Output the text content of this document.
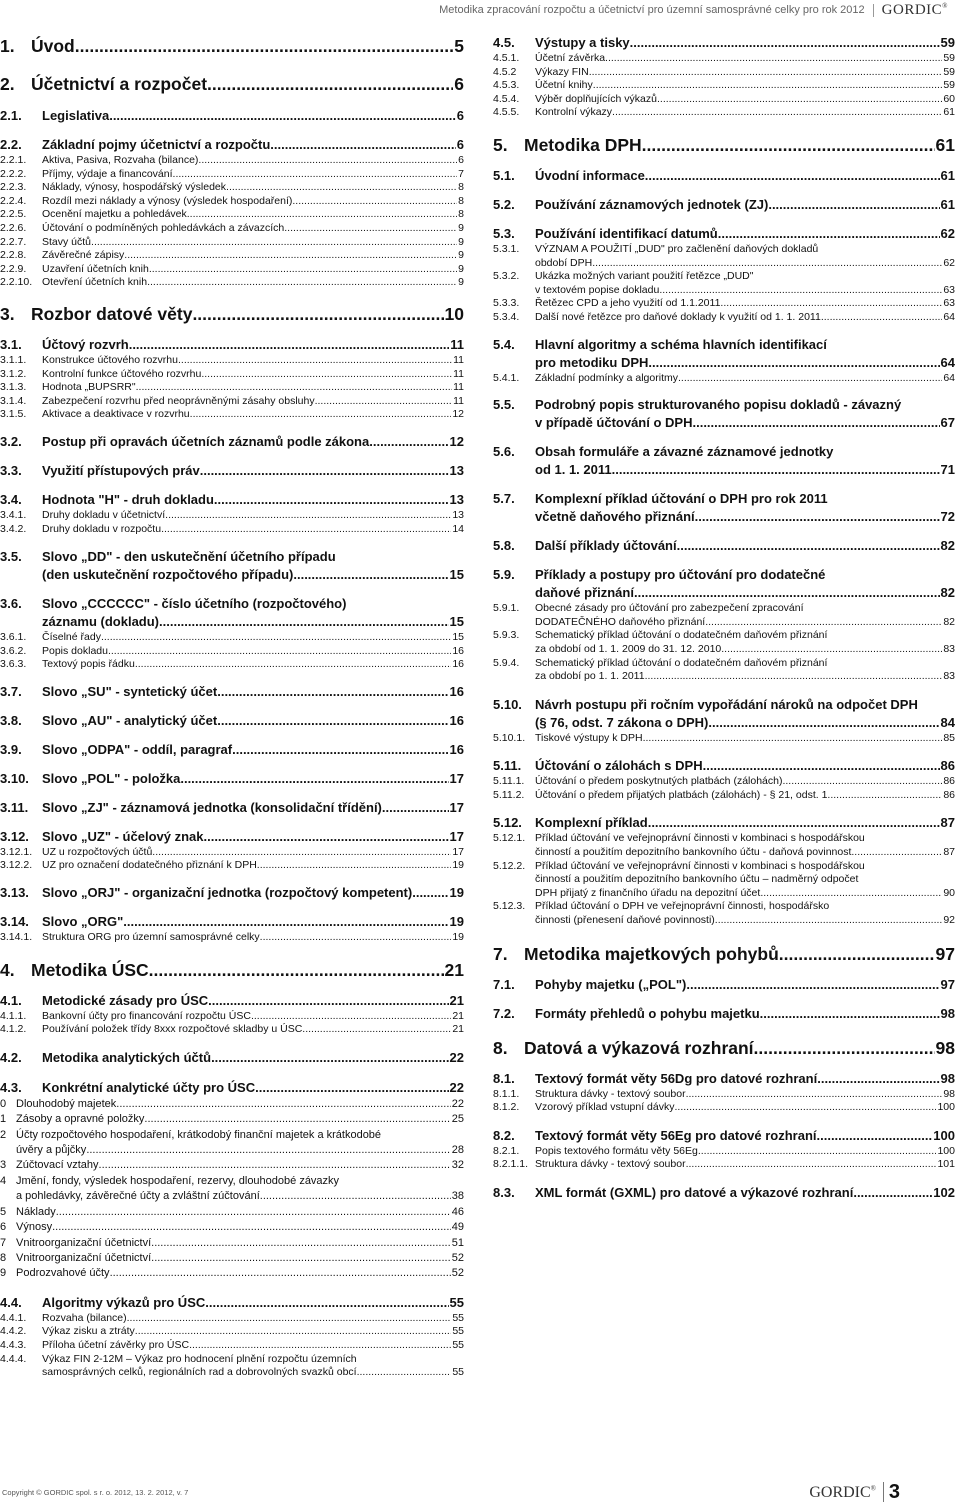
Metodika zpracování rozpočtu a účetnictví pro územní samosprávné celky pro rok 2012 GORDIC®
1. Úvod .....	5
2. Účetnictví a rozpočet .....	6
2.1.	Legislativa .....	6
2.2.	Základní pojmy účetnictví a rozpočtu .....	6
2.2.1.	Aktiva, Pasiva, Rozvaha (bilance) .....	6
2.2.2.	Příjmy, výdaje a financování .....	7
2.2.3.	Náklady, výnosy, hospodářský výsledek .....	8
2.2.4.	Rozdíl mezi náklady a výnosy (výsledek hospodaření) .....	8
2.2.5.	Ocenění majetku a pohledávek .....	8
2.2.6.	Účtování o podmíněných pohledávkách a závazcích .....	9
2.2.7.	Stavy účtů .....	9
2.2.8.	Závěrečné zápisy .....	9
2.2.9.	Uzavření účetních knih .....	9
2.2.10. Otevření účetních knih .....	9
3. Rozbor datové věty .....	10
3.1.	Účtový rozvrh .....	11
3.1.1.	Konstrukce účtového rozvrhu .....	11
3.1.2.	Kontrolní funkce účtového rozvrhu .....	11
3.1.3.	Hodnota „BUPSRR" .....	11
3.1.4.	Zabezpečení rozvrhu před neoprávněnými zásahy obsluhy .....	11
3.1.5.	Aktivace a deaktivace v rozvrhu .....	12
3.2.	Postup při opravách účetních záznamů podle zákona .....	12
3.3.	Využití přístupových práv .....	13
3.4.	Hodnota "H" - druh dokladu .....	13
3.4.1.	Druhy dokladu v účetnictví .....	13
3.4.2.	Druhy dokladu v rozpočtu .....	14
3.5.	Slovo „DD" - den uskutečnění účetního případu
(den uskutečnění rozpočtového případu) .....	15
3.6.	Slovo „CCCCCC" - číslo účetního (rozpočtového)
záznamu (dokladu) .....	15
3.6.1.	Číselné řady .....	15
3.6.2.	Popis dokladu .....	16
3.6.3.	Textový popis řádku .....	16
3.7.	Slovo „SU" - syntetický účet .....	16
3.8.	Slovo „AU" - analytický účet .....	16
3.9.	Slovo „ODPA" - oddíl, paragraf .....	16
3.10.	Slovo „POL" - položka .....	17
3.11.	Slovo „ZJ" - záznamová jednotka (konsolidační třídění) .....	17
3.12.	Slovo „UZ" - účelový znak .....	17
3.12.1. UZ u rozpočtových účtů .....	17
3.12.2. UZ pro označení dodatečného přiznání k DPH .....	19
3.13.	Slovo „ORJ" - organizační jednotka (rozpočtový kompetent) .....	19
3.14.	Slovo „ORG" .....	19
3.14.1. Struktura ORG pro územní samosprávné celky .....	19
4. Metodika ÚSC .....	21
4.1.	Metodické zásady pro ÚSC .....	21
4.1.1.	Bankovní účty pro financování rozpočtu ÚSC .....	21
4.1.2.	Používání položek třídy 8xxx rozpočtové skladby u ÚSC .....	21
4.2.	Metodika analytických účtů .....	22
4.3.	Konkrétní analytické účty pro ÚSC .....	22
0 Dlouhodobý majetek .....	22
1 Zásoby a opravné položky .....	25
2 Účty rozpočtového hospodaření, krátkodobý finanční majetek a krátkodobé
úvěry a půjčky .....	28
3 Zúčtovací vztahy .....	32
4 Jmění, fondy, výsledek hospodaření, rezervy, dlouhodobé závazky
a pohledávky, závěrečné účty a zvláštní zúčtování .....	38
5 Náklady .....	46
6 Výnosy .....	49
7 Vnitroorganizační účetnictví .....	51
8 Vnitroorganizační účetnictví .....	52
9 Podrozvahové účty .....	52
4.4.	Algoritmy výkazů pro ÚSC .....	55
4.4.1.	Rozvaha (bilance) .....	55
4.4.2.	Výkaz zisku a ztráty .....	55
4.4.3.	Příloha účetní závěrky pro ÚSC .....	55
4.4.4.	Výkaz FIN 2-12M – Výkaz pro hodnocení plnění rozpočtu územních
samosprávných celků, regionálních rad a dobrovolných svazků obcí .....	55
4.5.	Výstupy a tisky .....	59
4.5.1.	Účetní závěrka .....	59
4.5.2	Výkazy FIN .....	59
4.5.3.	Účetní knihy .....	59
4.5.4.	Výběr doplňujících výkazů .....	60
4.5.5.	Kontrolní výkazy .....	61
5. Metodika DPH .....	61
5.1.	Úvodní informace .....	61
5.2.	Používání záznamových jednotek (ZJ) .....	61
5.3.	Používání identifikací datumů .....	62
5.3.1.	VÝZNAM A POUŽITÍ „DUD" pro začlenění daňových dokladů
období DPH .....	62
5.3.2.	Ukázka možných variant použití řetězce „DUD"
v textovém popise dokladu .....	63
5.3.3.	Řetězec CPD a jeho využití od 1.1.2011 .....	63
5.3.4.	Další nové řetězce pro daňové doklady k využití od 1. 1. 2011 .....	64
5.4.	Hlavní algoritmy a schéma hlavních identifikací
pro metodiku DPH .....	64
5.4.1.	Základní podmínky a algoritmy .....	64
5.5.	Podrobný popis strukturovaného popisu dokladů - závazný
v případě účtování o DPH .....	67
5.6.	Obsah formuláře a závazné záznamové jednotky
od 1. 1. 2011 .....	71
5.7.	Komplexní příklad účtování o DPH pro rok 2011
včetně daňového přiznání .....	72
5.8.	Další příklady účtování .....	82
5.9.	Příklady a postupy pro účtování pro dodatečné
daňové přiznání .....	82
5.9.1.	Obecné zásady pro účtování pro zabezpečení zpracování
DODATEČNÉHO daňového přiznání .....	82
5.9.3.	Schematický příklad účtování o dodatečném daňovém přiznání
za období od 1. 1. 2009 do 31. 12. 2010 .....	83
5.9.4.	Schematický příklad účtování o dodatečném daňovém přiznání
za období po 1. 1. 2011 .....	83
5.10.	Návrh postupu při ročním vypořádání nároků na odpočet DPH
(§ 76, odst. 7 zákona o DPH) .....	84
5.10.1. Tiskové výstupy k DPH .....	85
5.11.	Účtování o zálohách s DPH .....	86
5.11.1.	Účtování o předem poskytnutých platbách (zálohách) .....	86
5.11.2.	Účtování o předem přijatých platbách (zálohách) - § 21, odst. 1 .....	86
5.12.	Komplexní příklad .....	87
5.12.1. Příklad účtování ve veřejnoprávní činnosti v kombinaci s hospodářskou
činností a použitím depozitního bankovního účtu - daňová povinnost .....	87
5.12.2. Příklad účtování ve veřejnoprávní činnosti v kombinaci s hospodářskou
činností a použitím depozitního bankovního účtu – nadměrný odpočet
DPH přijatý z finančního úřadu na depozitní účet .....	90
5.12.3. Příklad účtování o DPH ve veřejnoprávní činnosti, hospodářsko
činnosti (přenesení daňové povinnosti) .....	92
7. Metodika majetkových pohybů .....	97
7.1.	Pohyby majetku („POL") .....	97
7.2.	Formáty přehledů o pohybu majetku .....	98
8. Datová a výkazová rozhraní .....	98
8.1.	Textový formát věty 56Dg pro datové rozhraní .....	98
8.1.1.	Struktura dávky - textový soubor .....	98
8.1.2.	Vzorový příklad vstupní dávky .....	100
8.2.	Textový formát věty 56Eg pro datové rozhraní .....	100
8.2.1.	Popis textového formátu věty 56Eg .....	100
8.2.1.1. Struktura dávky - textový soubor .....	101
8.3.	XML formát (GXML) pro datové a výkazové rozhraní .....	102
Copyright © GORDIC spol. s r. o. 2012, 13. 2. 2012, v. 7	GORDIC® 3
